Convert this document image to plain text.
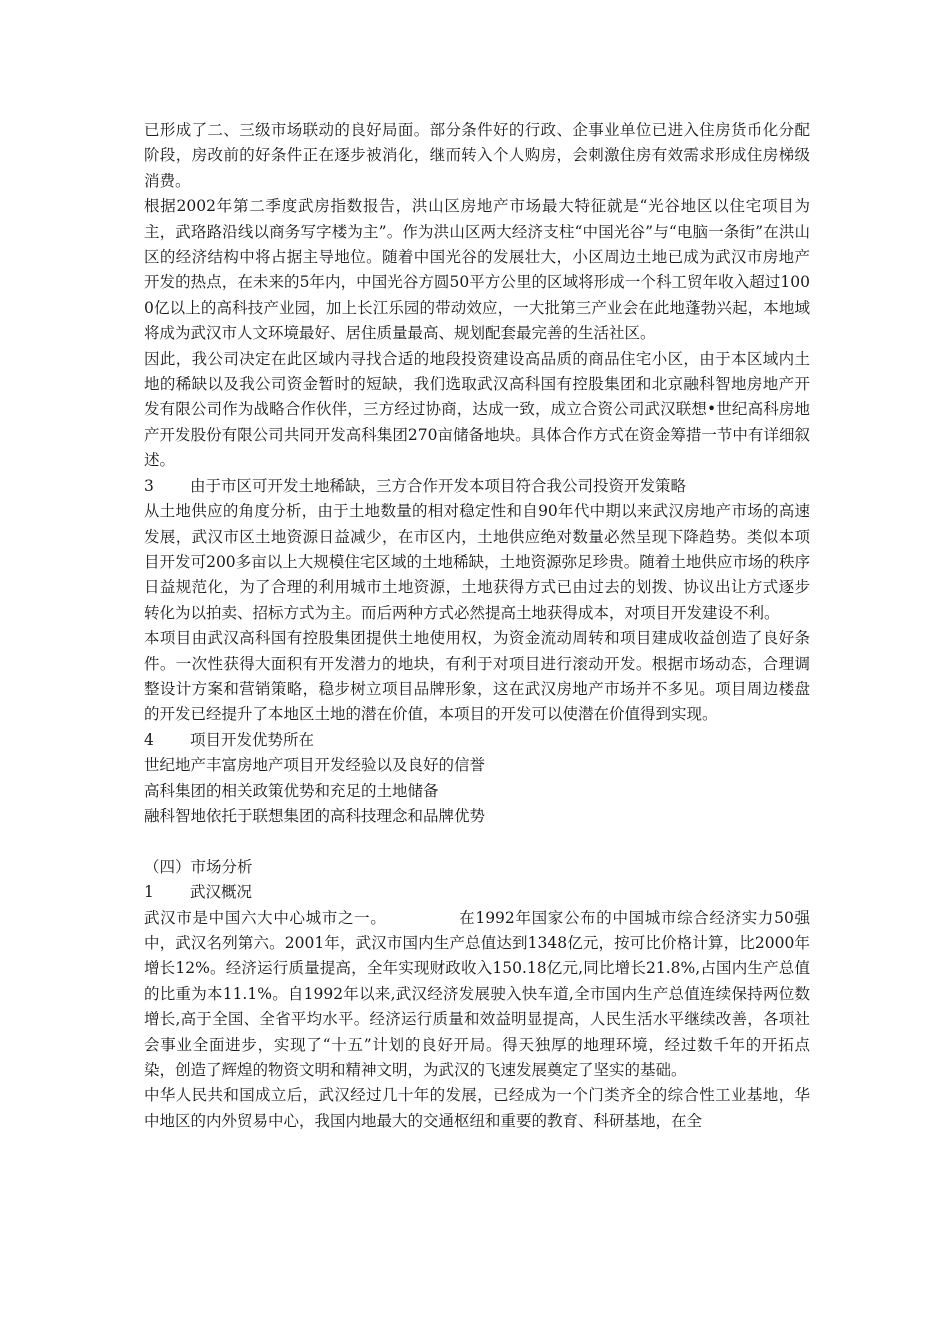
已形成了二、三级市场联动的良好局面。部分条件好的行政、企事业单位已进入住房货币化分配阶段，房改前的好条件正在逐步被消化，继而转入个人购房，会刺激住房有效需求形成住房梯级消费。

根据2002年第二季度武房指数报告，洪山区房地产市场最大特征就是“光谷地区以住宅项目为主，武珞路沿线以商务写字楼为主”。作为洪山区两大经济支柱“中国光谷”与“电脑一条街”在洪山区的经济结构中将占据主导地位。随着中国光谷的发展壮大，小区周边土地已成为武汉市房地产开发的热点，在未来的5年内，中国光谷方圆50平方公里的区域将形成一个科工贸年收入超过1000亿以上的高科技产业园，加上长江乐园的带动效应，一大批第三产业会在此地蓬勃兴起，本地域将成为武汉市人文环境最好、居住质量最高、规划配套最完善的生活社区。

因此，我公司决定在此区域内寻找合适的地段投资建设高品质的商品住宅小区，由于本区域内土地的稀缺以及我公司资金暂时的短缺，我们选取武汉高科国有控股集团和北京融科智地房地产开发有限公司作为战略合作伙伴，三方经过协商，达成一致，成立合资公司武汉联想•世纪高科房地产开发股份有限公司共同开发高科集团270亩储备地块。具体合作方式在资金筹措一节中有详细叙述。

3 由于市区可开发土地稀缺，三方合作开发本项目符合我公司投资开发策略

从土地供应的角度分析，由于土地数量的相对稳定性和自90年代中期以来武汉房地产市场的高速发展，武汉市区土地资源日益减少，在市区内，土地供应绝对数量必然呈现下降趋势。类似本项目开发可200多亩以上大规模住宅区域的土地稀缺，土地资源弥足珍贵。随着土地供应市场的秩序日益规范化，为了合理的利用城市土地资源，土地获得方式已由过去的划拨、协议出让方式逐步转化为以拍卖、招标方式为主。而后两种方式必然提高土地获得成本，对项目开发建设不利。

本项目由武汉高科国有控股集团提供土地使用权，为资金流动周转和项目建成收益创造了良好条件。一次性获得大面积有开发潜力的地块，有利于对项目进行滚动开发。根据市场动态，合理调整设计方案和营销策略，稳步树立项目品牌形象，这在武汉房地产市场并不多见。项目周边楼盘的开发已经提升了本地区土地的潜在价值，本项目的开发可以使潜在价值得到实现。

4 项目开发优势所在

世纪地产丰富房地产项目开发经验以及良好的信誉

高科集团的相关政策优势和充足的土地储备

融科智地依托于联想集团的高科技理念和品牌优势

（四）市场分析

1 武汉概况

武汉市是中国六大中心城市之一。	在1992年国家公布的中国城市综合经济实力50强中，武汉名列第六。2001年，武汉市国内生产总值达到1348亿元，按可比价格计算，比2000年增长12%。经济运行质量提高，全年实现财政收入150.18亿元,同比增长21.8%,占国内生产总值的比重为本11.1%。自1992年以来,武汉经济发展驶入快车道,全市国内生产总值连续保持两位数增长,高于全国、全省平均水平。经济运行质量和效益明显提高，人民生活水平继续改善，各项社会事业全面进步，实现了“十五”计划的良好开局。得天独厚的地理环境，经过数千年的开拓点染，创造了辉煌的物资文明和精神文明，为武汉的飞速发展奠定了坚实的基础。

中华人民共和国成立后，武汉经过几十年的发展，已经成为一个门类齐全的综合性工业基地，华中地区的内外贸易中心，我国内地最大的交通枢纽和重要的教育、科研基地，在全
